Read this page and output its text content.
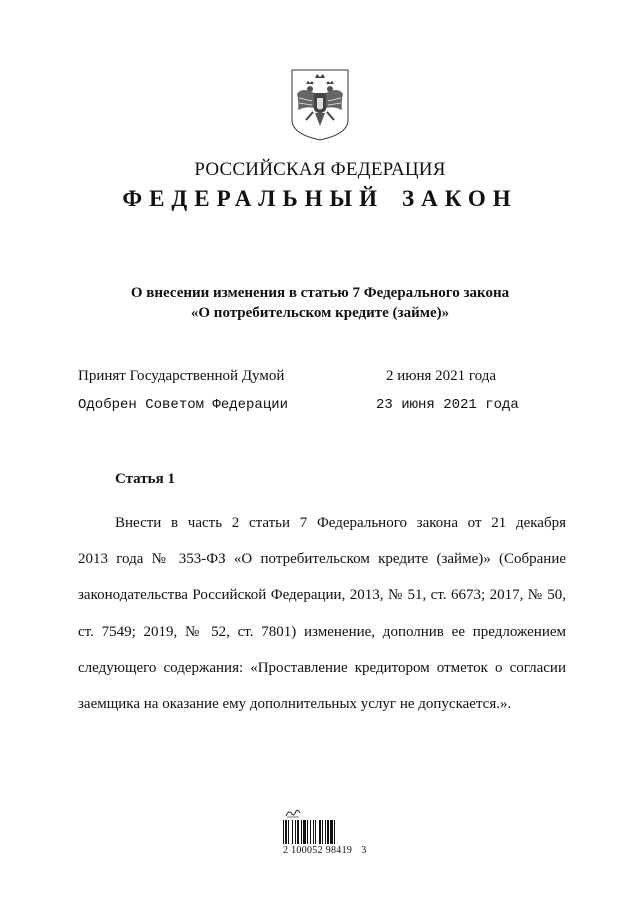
РОССИЙСКАЯ ФЕДЕРАЦИЯ
ФЕДЕРАЛЬНЫЙ ЗАКОН
О внесении изменения в статью 7 Федерального закона
«О потребительском кредите (займе)»
Принят Государственной Думой	2 июня 2021 года
Одобрен Советом Федерации	23 июня 2021 года
Статья 1
Внести в часть 2 статьи 7 Федерального закона от 21 декабря
2013 года № 353-ФЗ «О потребительском кредите (займе)» (Собрание
законодательства Российской Федерации, 2013, № 51, ст. 6673; 2017, № 50,
ст. 7549; 2019, № 52, ст. 7801) изменение, дополнив ее предложением
следующего содержания: «Проставление кредитором отметок о согласии
заемщика на оказание ему дополнительных услуг не допускается.».
2 100052 98419 3
